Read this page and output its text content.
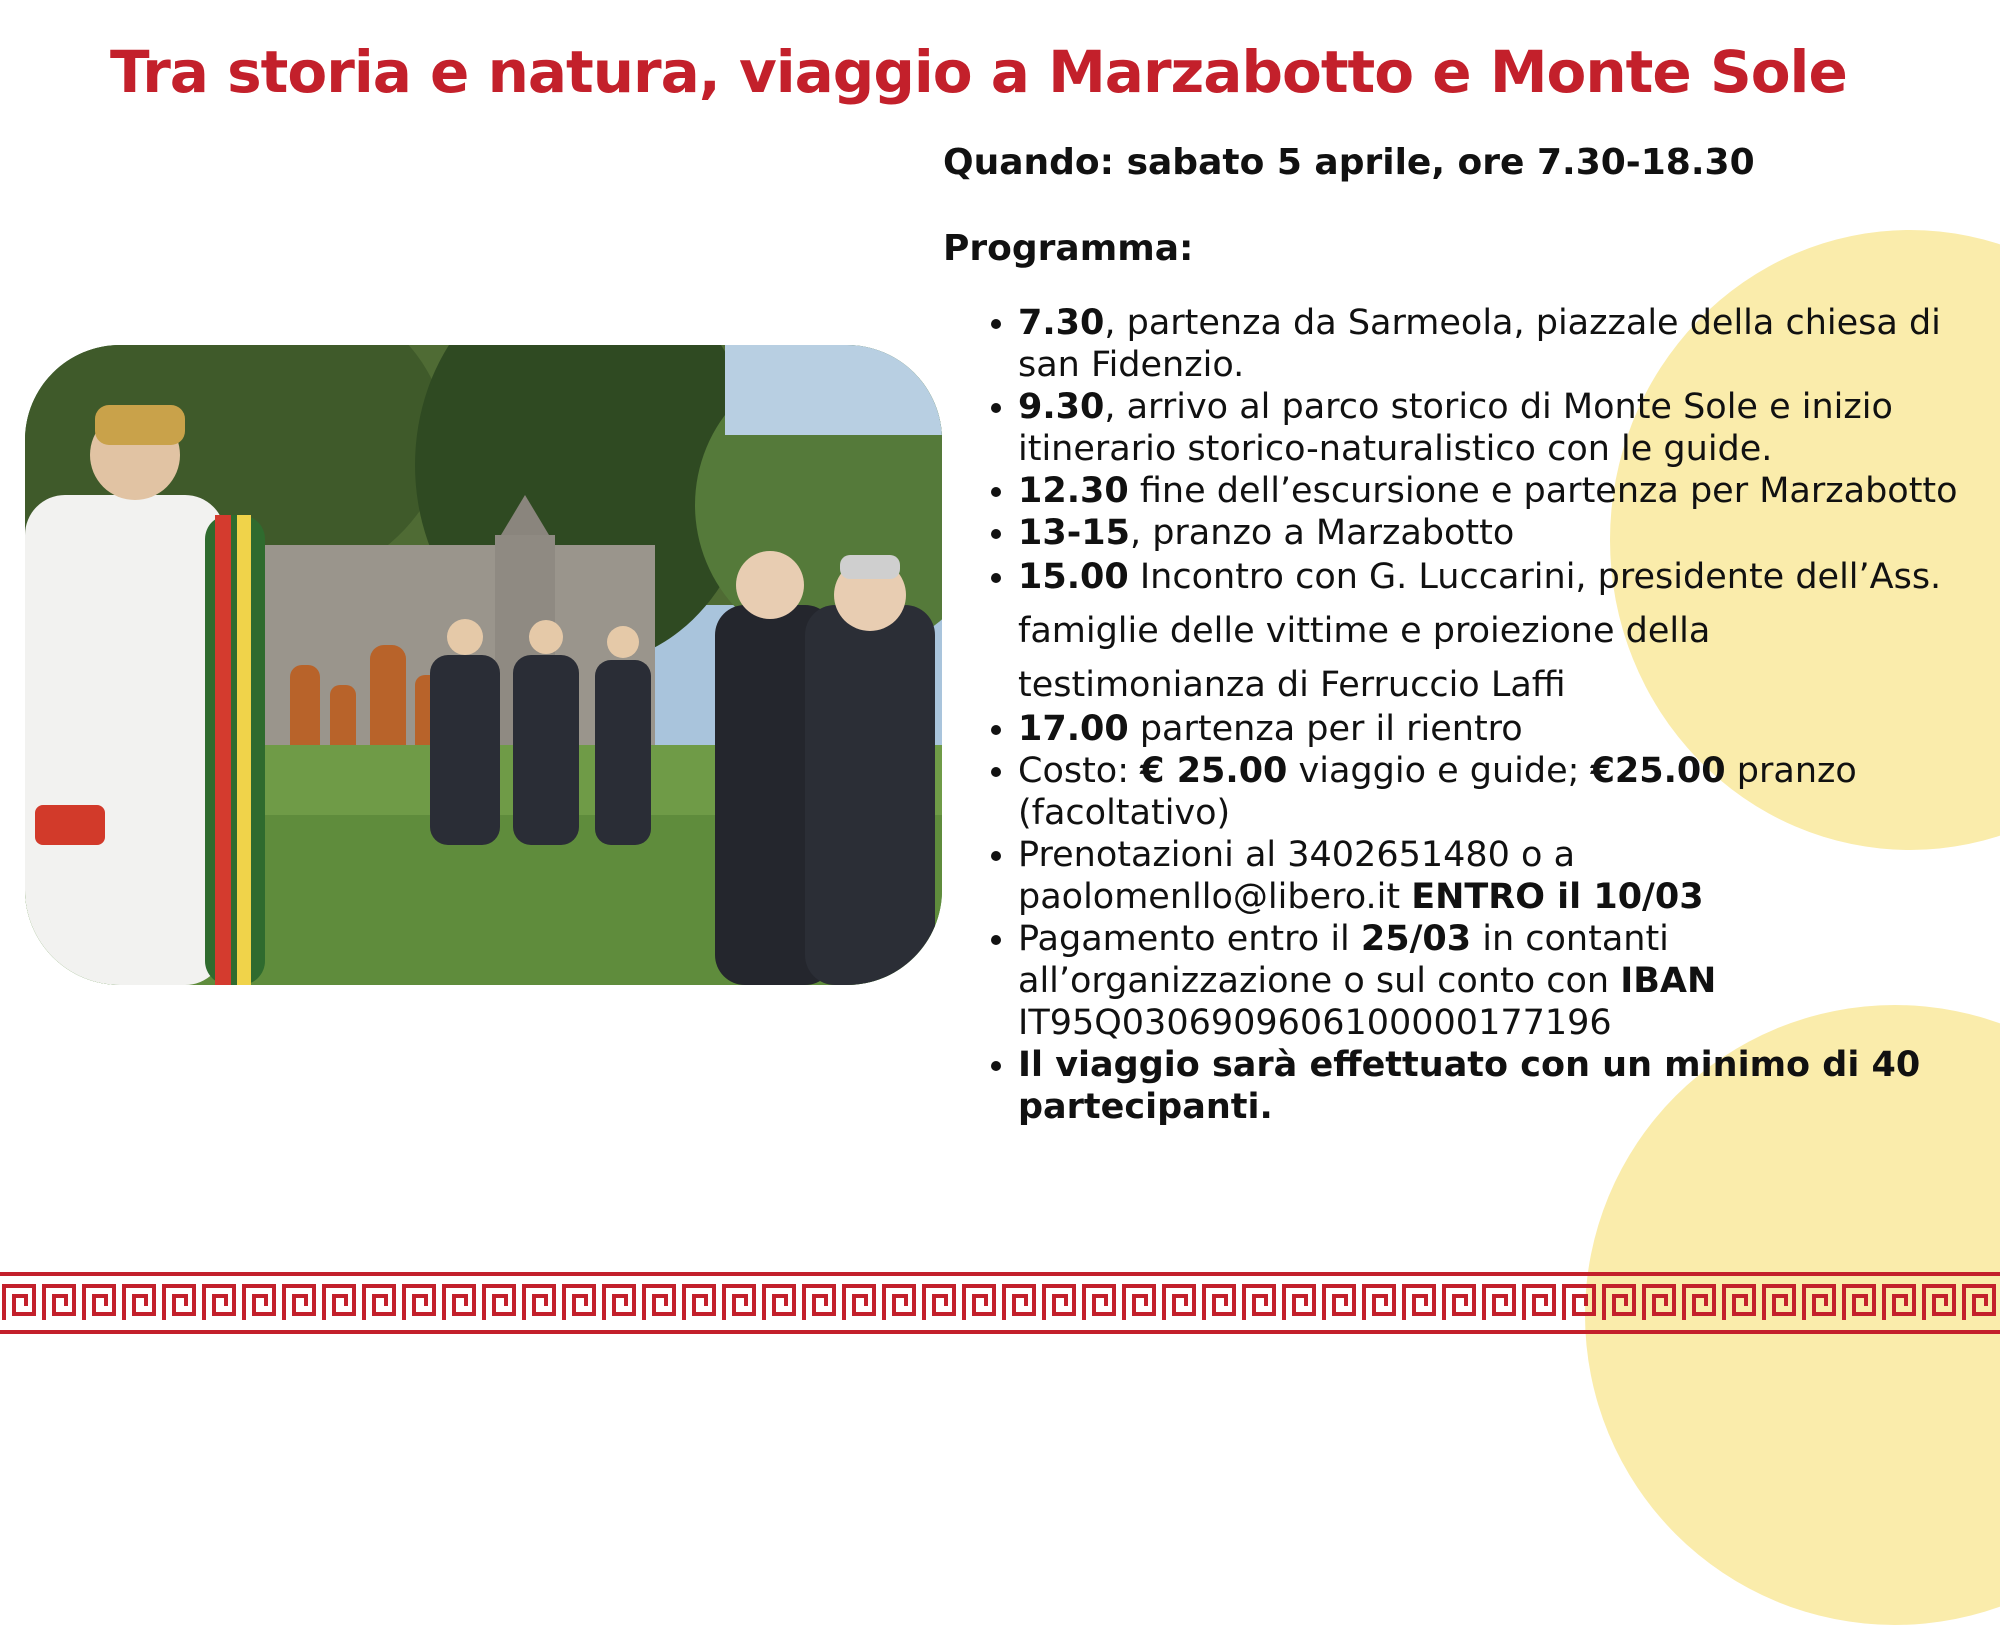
Tra storia e natura, viaggio a Marzabotto e Monte Sole

Quando: sabato 5 aprile, ore 7.30-18.30

Programma:

• 7.30, partenza da Sarmeola, piazzale della chiesa di san Fidenzio.
• 9.30, arrivo al parco storico di Monte Sole e inizio itinerario storico-naturalistico con le guide.
• 12.30 fine dell’escursione e partenza per Marzabotto
• 13-15, pranzo a Marzabotto
• 15.00 Incontro con G. Luccarini, presidente dell’Ass. famiglie delle vittime e proiezione della testimonianza di Ferruccio Laffi
• 17.00 partenza per il rientro
• Costo: € 25.00 viaggio e guide; €25.00 pranzo (facoltativo)
• Prenotazioni al 3402651480 o a paolomenllo@libero.it ENTRO il 10/03
• Pagamento entro il 25/03 in contanti all’organizzazione o sul conto con IBAN IT95Q0306909606100000177196
• Il viaggio sarà effettuato con un minimo di 40 partecipanti.
